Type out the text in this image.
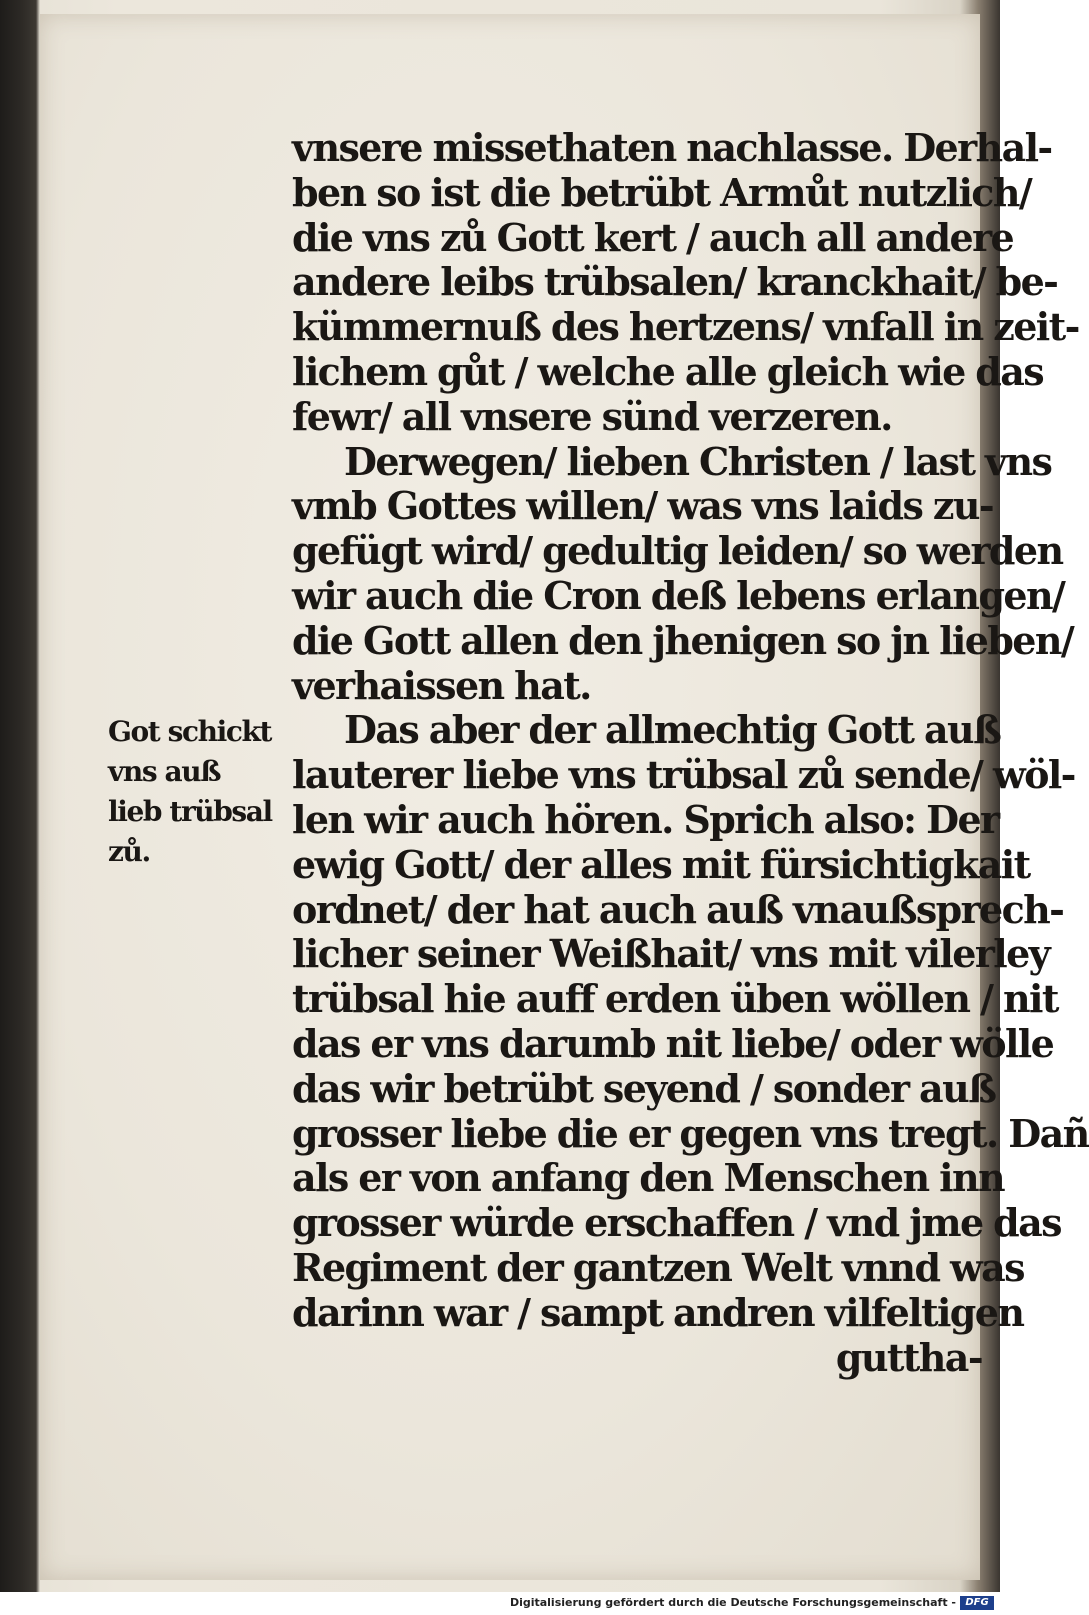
vnsere missethaten nachlasse. Derhal-
ben so ist die betrübt Armůt nutzlich/
die vns zů Gott kert / auch all andere
andere leibs trübsalen/ kranckhait/ be-
kümmernuß des hertzens/ vnfall in zeit-
lichem gůt / welche alle gleich wie das
fewr/ all vnsere sünd verzeren.
Derwegen/ lieben Christen / last vns
vmb Gottes willen/ was vns laids zu-
gefügt wird/ gedultig leiden/ so werden
wir auch die Cron deß lebens erlangen/
die Gott allen den jhenigen so jn lieben/
verhaissen hat.
Das aber der allmechtig Gott auß
lauterer liebe vns trübsal zů sende/ wöl-
len wir auch hören. Sprich also: Der
ewig Gott/ der alles mit fürsichtigkait
ordnet/ der hat auch auß vnaußsprech-
licher seiner Weißhait/ vns mit vilerley
trübsal hie auff erden üben wöllen / nit
das er vns darumb nit liebe/ oder wölle
das wir betrübt seyend / sonder auß
grosser liebe die er gegen vns tregt. Dañ
als er von anfang den Menschen inn
grosser würde erschaffen / vnd jme das
Regiment der gantzen Welt vnnd was
darinn war / sampt andren vilfeltigen
guttha-
Got schickt
vns auß
lieb trübsal
zů.
Digitalisierung gefördert durch die Deutsche Forschungsgemeinschaft - DFG
